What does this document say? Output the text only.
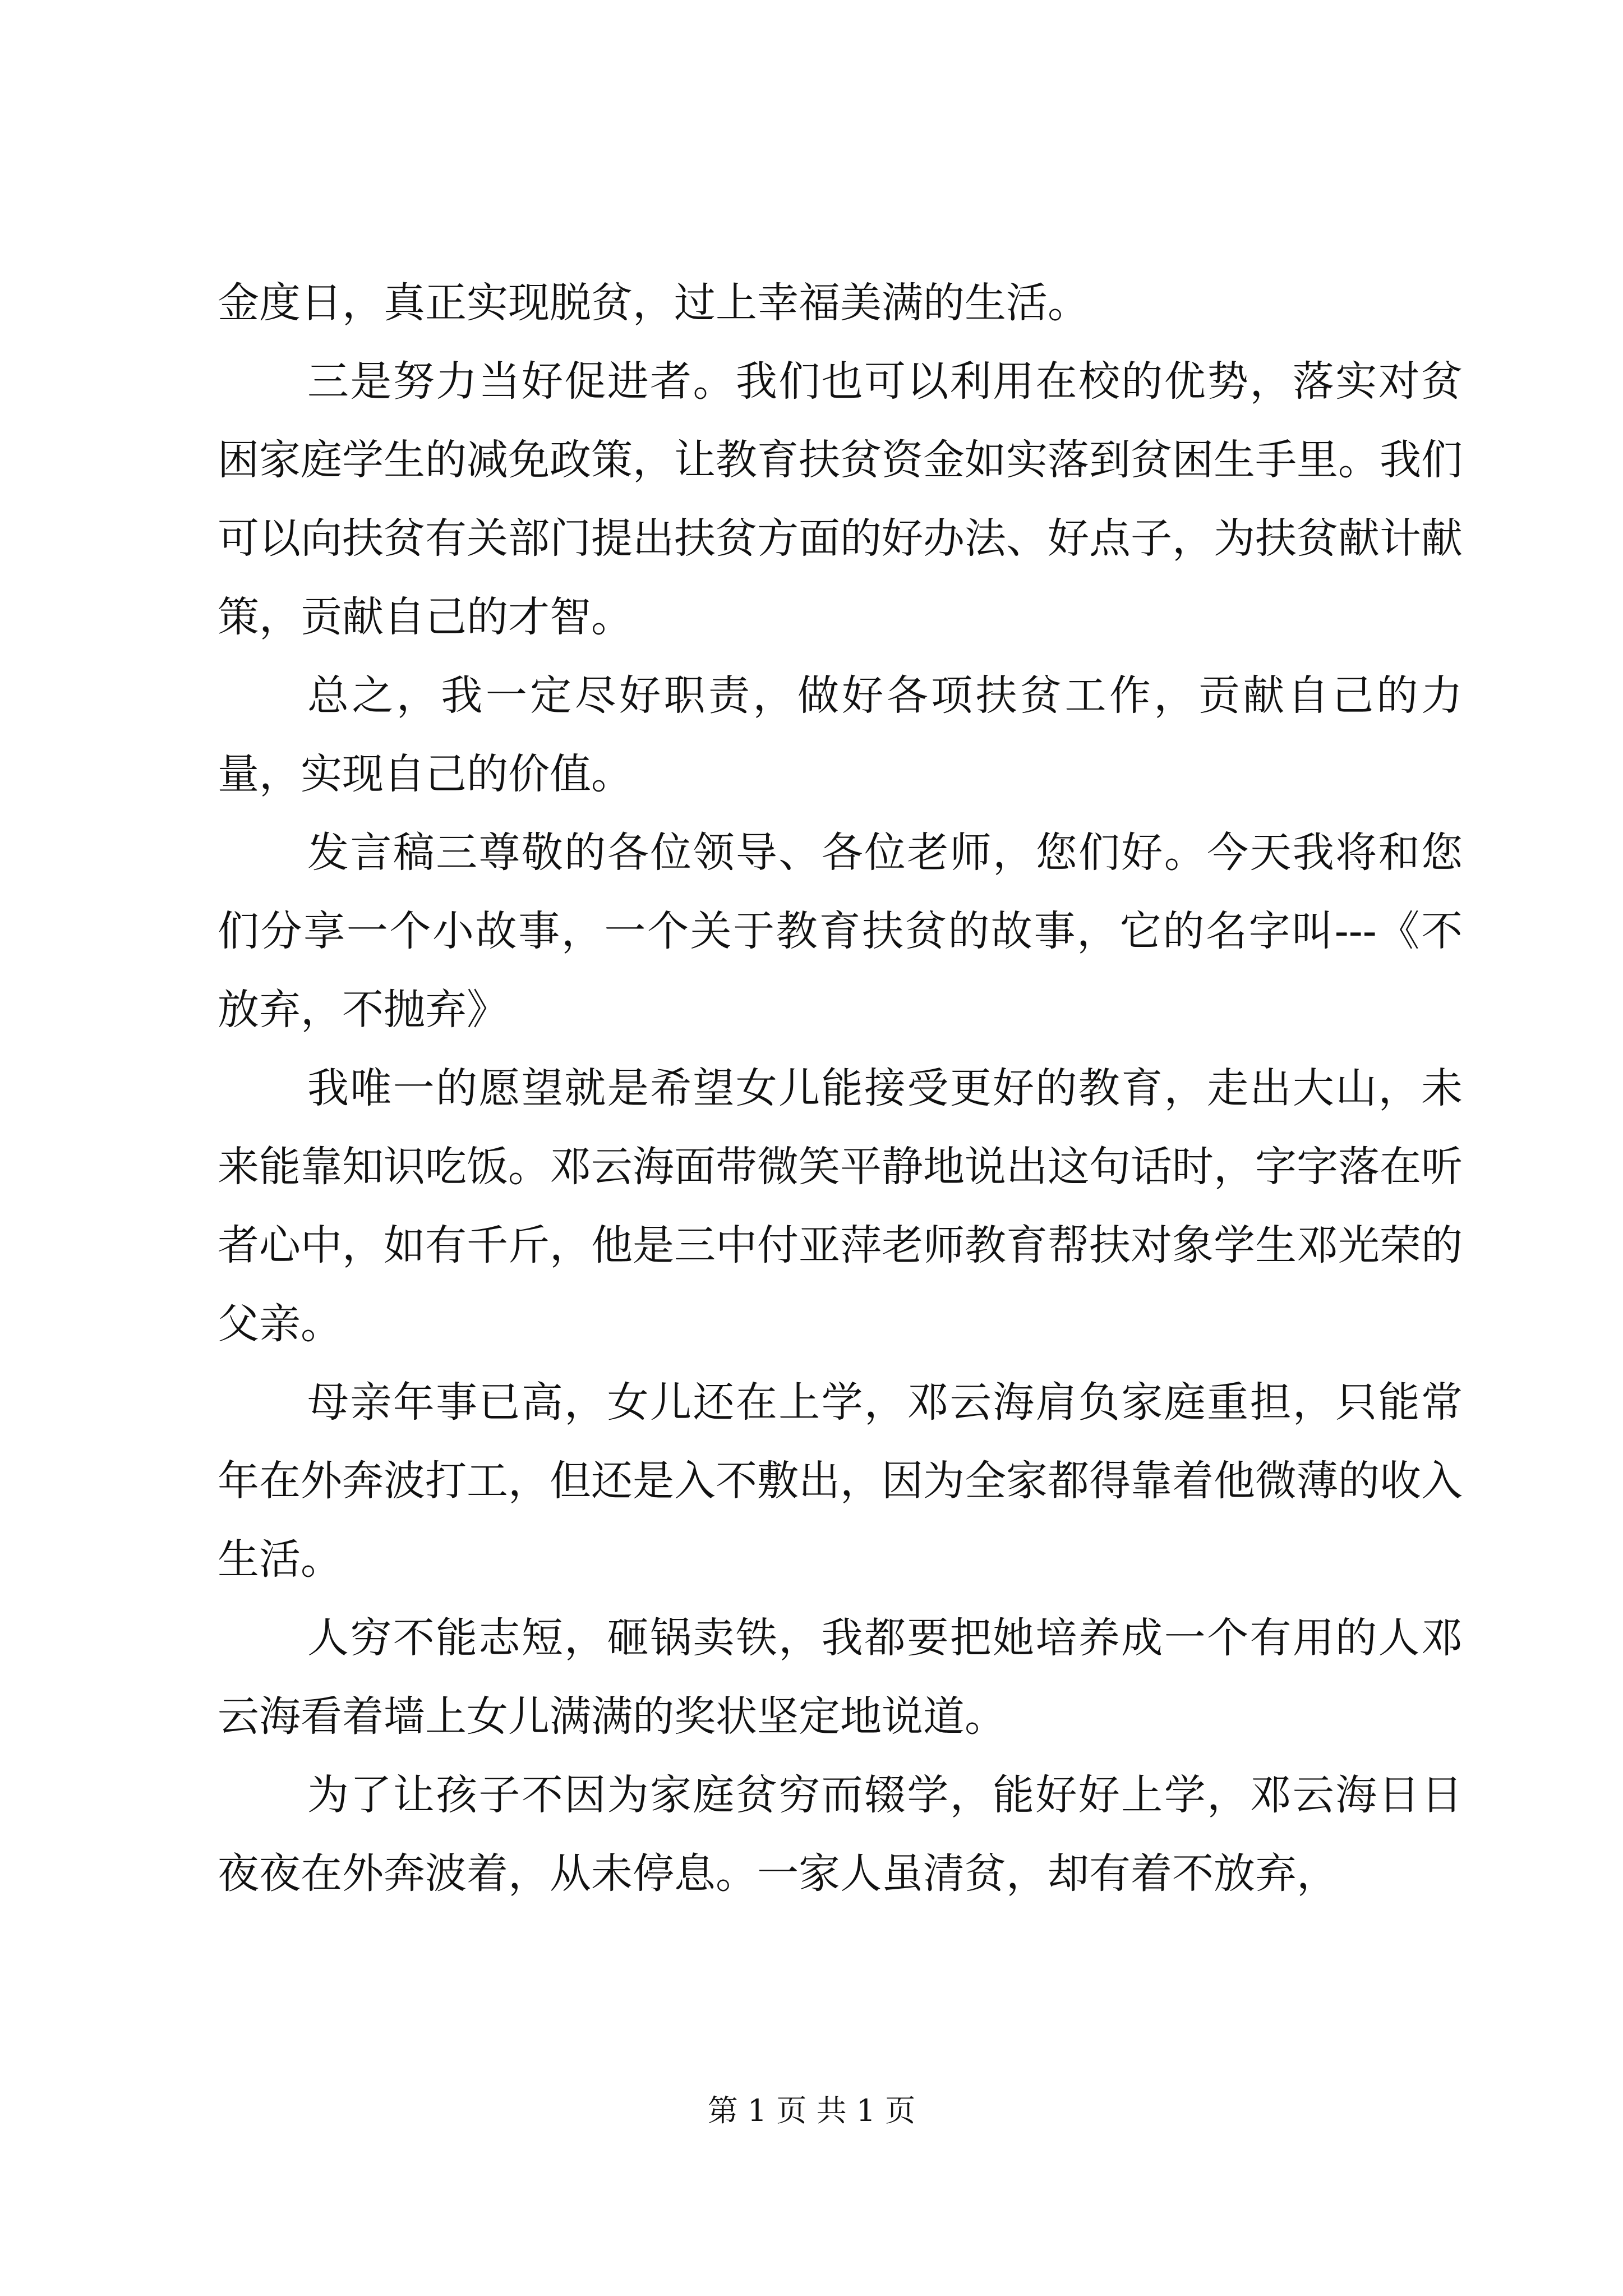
金度日，真正实现脱贫，过上幸福美满的生活。

三是努力当好促进者。我们也可以利用在校的优势，落实对贫困家庭学生的减免政策，让教育扶贫资金如实落到贫困生手里。我们可以向扶贫有关部门提出扶贫方面的好办法、好点子，为扶贫献计献策，贡献自己的才智。

总之，我一定尽好职责，做好各项扶贫工作，贡献自己的力量，实现自己的价值。

发言稿三尊敬的各位领导、各位老师，您们好。今天我将和您们分享一个小故事，一个关于教育扶贫的故事，它的名字叫---《不放弃，不抛弃》

我唯一的愿望就是希望女儿能接受更好的教育，走出大山，未来能靠知识吃饭。邓云海面带微笑平静地说出这句话时，字字落在听者心中，如有千斤，他是三中付亚萍老师教育帮扶对象学生邓光荣的父亲。

母亲年事已高，女儿还在上学，邓云海肩负家庭重担，只能常年在外奔波打工，但还是入不敷出，因为全家都得靠着他微薄的收入生活。

人穷不能志短，砸锅卖铁，我都要把她培养成一个有用的人邓云海看着墙上女儿满满的奖状坚定地说道。

为了让孩子不因为家庭贫穷而辍学，能好好上学，邓云海日日夜夜在外奔波着，从未停息。一家人虽清贫，却有着不放弃，

第 1 页 共 1 页
